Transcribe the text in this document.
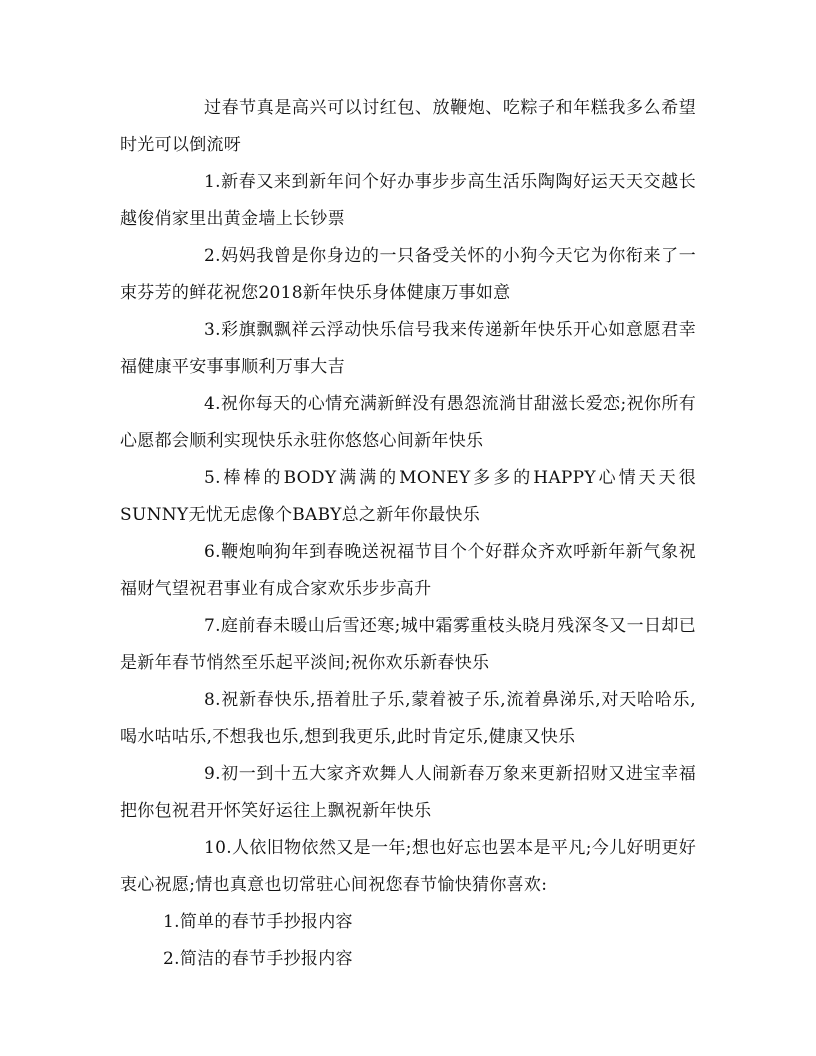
过春节真是高兴可以讨红包、放鞭炮、吃粽子和年糕我多么希望时光可以倒流呀

1.新春又来到新年问个好办事步步高生活乐陶陶好运天天交越长越俊俏家里出黄金墙上长钞票

2.妈妈我曾是你身边的一只备受关怀的小狗今天它为你衔来了一束芬芳的鲜花祝您2018新年快乐身体健康万事如意

3.彩旗飘飘祥云浮动快乐信号我来传递新年快乐开心如意愿君幸福健康平安事事顺利万事大吉

4.祝你每天的心情充满新鲜没有愚怨流淌甘甜滋长爱恋;祝你所有心愿都会顺利实现快乐永驻你悠悠心间新年快乐

5.棒棒的BODY满满的MONEY多多的HAPPY心情天天很SUNNY无忧无虑像个BABY总之新年你最快乐

6.鞭炮响狗年到春晚送祝福节目个个好群众齐欢呼新年新气象祝福财气望祝君事业有成合家欢乐步步高升

7.庭前春未暖山后雪还寒;城中霜雾重枝头晓月残深冬又一日却已是新年春节悄然至乐起平淡间;祝你欢乐新春快乐

8.祝新春快乐,捂着肚子乐,蒙着被子乐,流着鼻涕乐,对天哈哈乐,喝水咕咕乐,不想我也乐,想到我更乐,此时肯定乐,健康又快乐

9.初一到十五大家齐欢舞人人闹新春万象来更新招财又进宝幸福把你包祝君开怀笑好运往上飘祝新年快乐

10.人依旧物依然又是一年;想也好忘也罢本是平凡;今儿好明更好衷心祝愿;情也真意也切常驻心间祝您春节愉快猜你喜欢:

1.简单的春节手抄报内容
2.简洁的春节手抄报内容
